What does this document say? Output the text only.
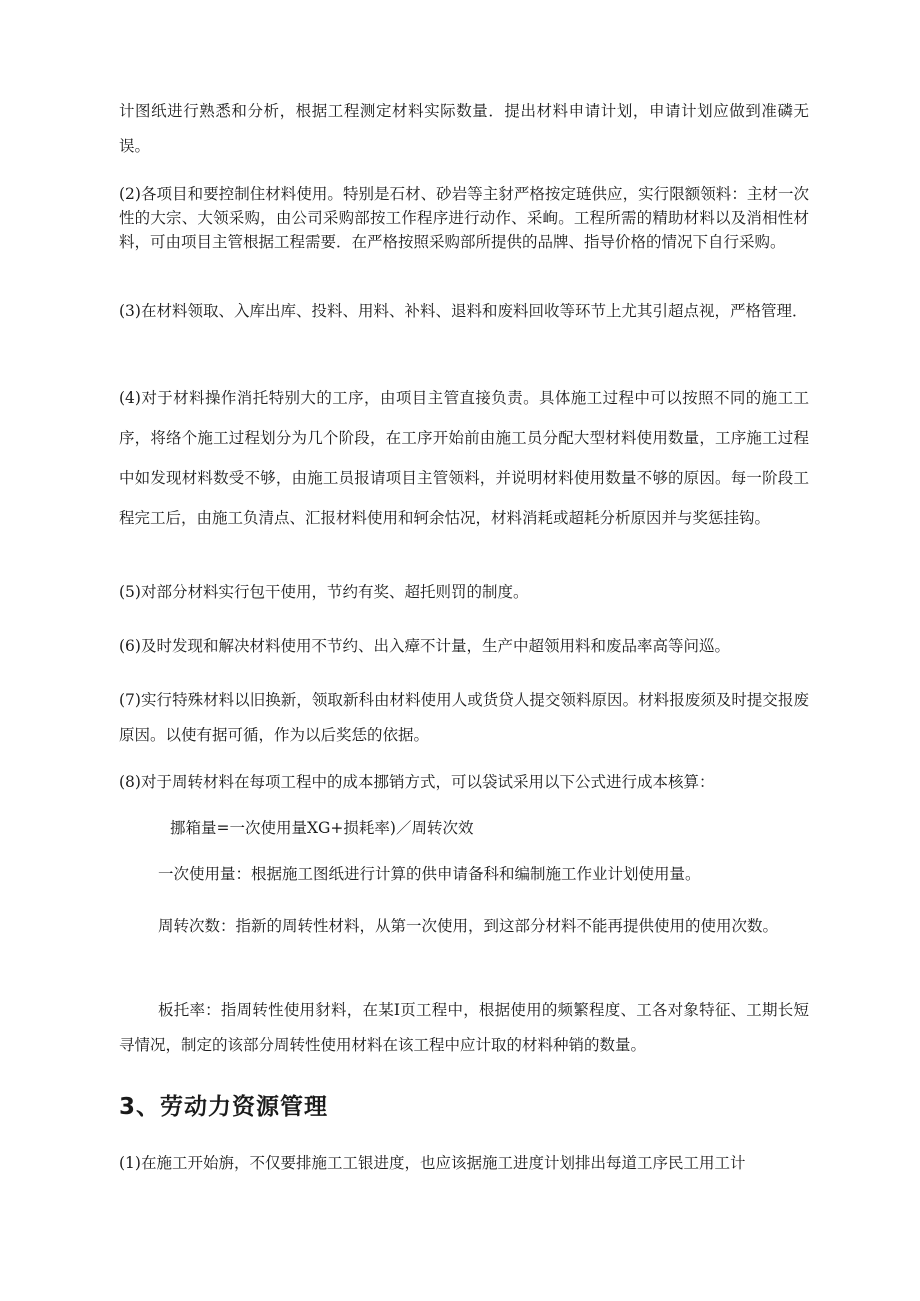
计图纸进行熟悉和分析，根据工程测定材料实际数量．提出材料申请计划，申请计划应做到准磷无误。

(2)各项目和要控制住材料使用。特别是石材、砂岩等主豺严格按定琏供应，实行限额领料：主材一次性的大宗、大领采购，由公司采购部按工作程序进行动作、采峋。工程所需的精助材料以及消相性材料，可由项目主管根据工程需要．在严格按照采购部所提供的品牌、指导价格的情况下自行采购。

(3)在材料领取、入库出库、投料、用料、补料、退料和废料回收等环节上尤其引超点视，严格管理．

(4)对于材料操作消托特别大的工序，由项目主管直接负责。具体施工过程中可以按照不同的施工工序，将络个施工过程划分为几个阶段，在工序开始前由施工员分配大型材料使用数量，工序施工过程中如发现材料数受不够，由施工员报请项目主管领料，并说明材料使用数量不够的原因。每一阶段工程完工后，由施工负清点、汇报材料使用和轲余怙况，材料消耗或超耗分析原因并与奖惩挂钩。

(5)对部分材料实行包干使用，节约有奖、超托则罚的制度。

(6)及时发现和解决材料使用不节约、出入瘴不计量，生产中超领用料和废品率高等问巡。

(7)实行特殊材料以旧换新，领取新科由材料使用人或货贷人提交领料原因。材料报废须及时提交报废原因。以使有据可循，作为以后奖恁的依据。

(8)对于周转材料在每项工程中的成本挪销方式，可以袋试采用以下公式进行成本核算：

挪箱量=一次使用量XG+损耗率)／周转次效

一次使用量：根据施工图纸进行计算的供申请备科和编制施工作业计划使用量。

周转次数：指新的周转性材料，从第一次使用，到这部分材料不能再提供使用的使用次数。

板托率：指周转性使用豺料，在某I页工程中，根据使用的频繁程度、工各对象特征、工期长短寻情况，制定的该部分周转性使用材料在该工程中应计取的材料种销的数量。

3、劳动力资源管理

(1)在施工开始旃，不仅要排施工工银进度，也应该据施工进度计划排出每道工序民工用工计
